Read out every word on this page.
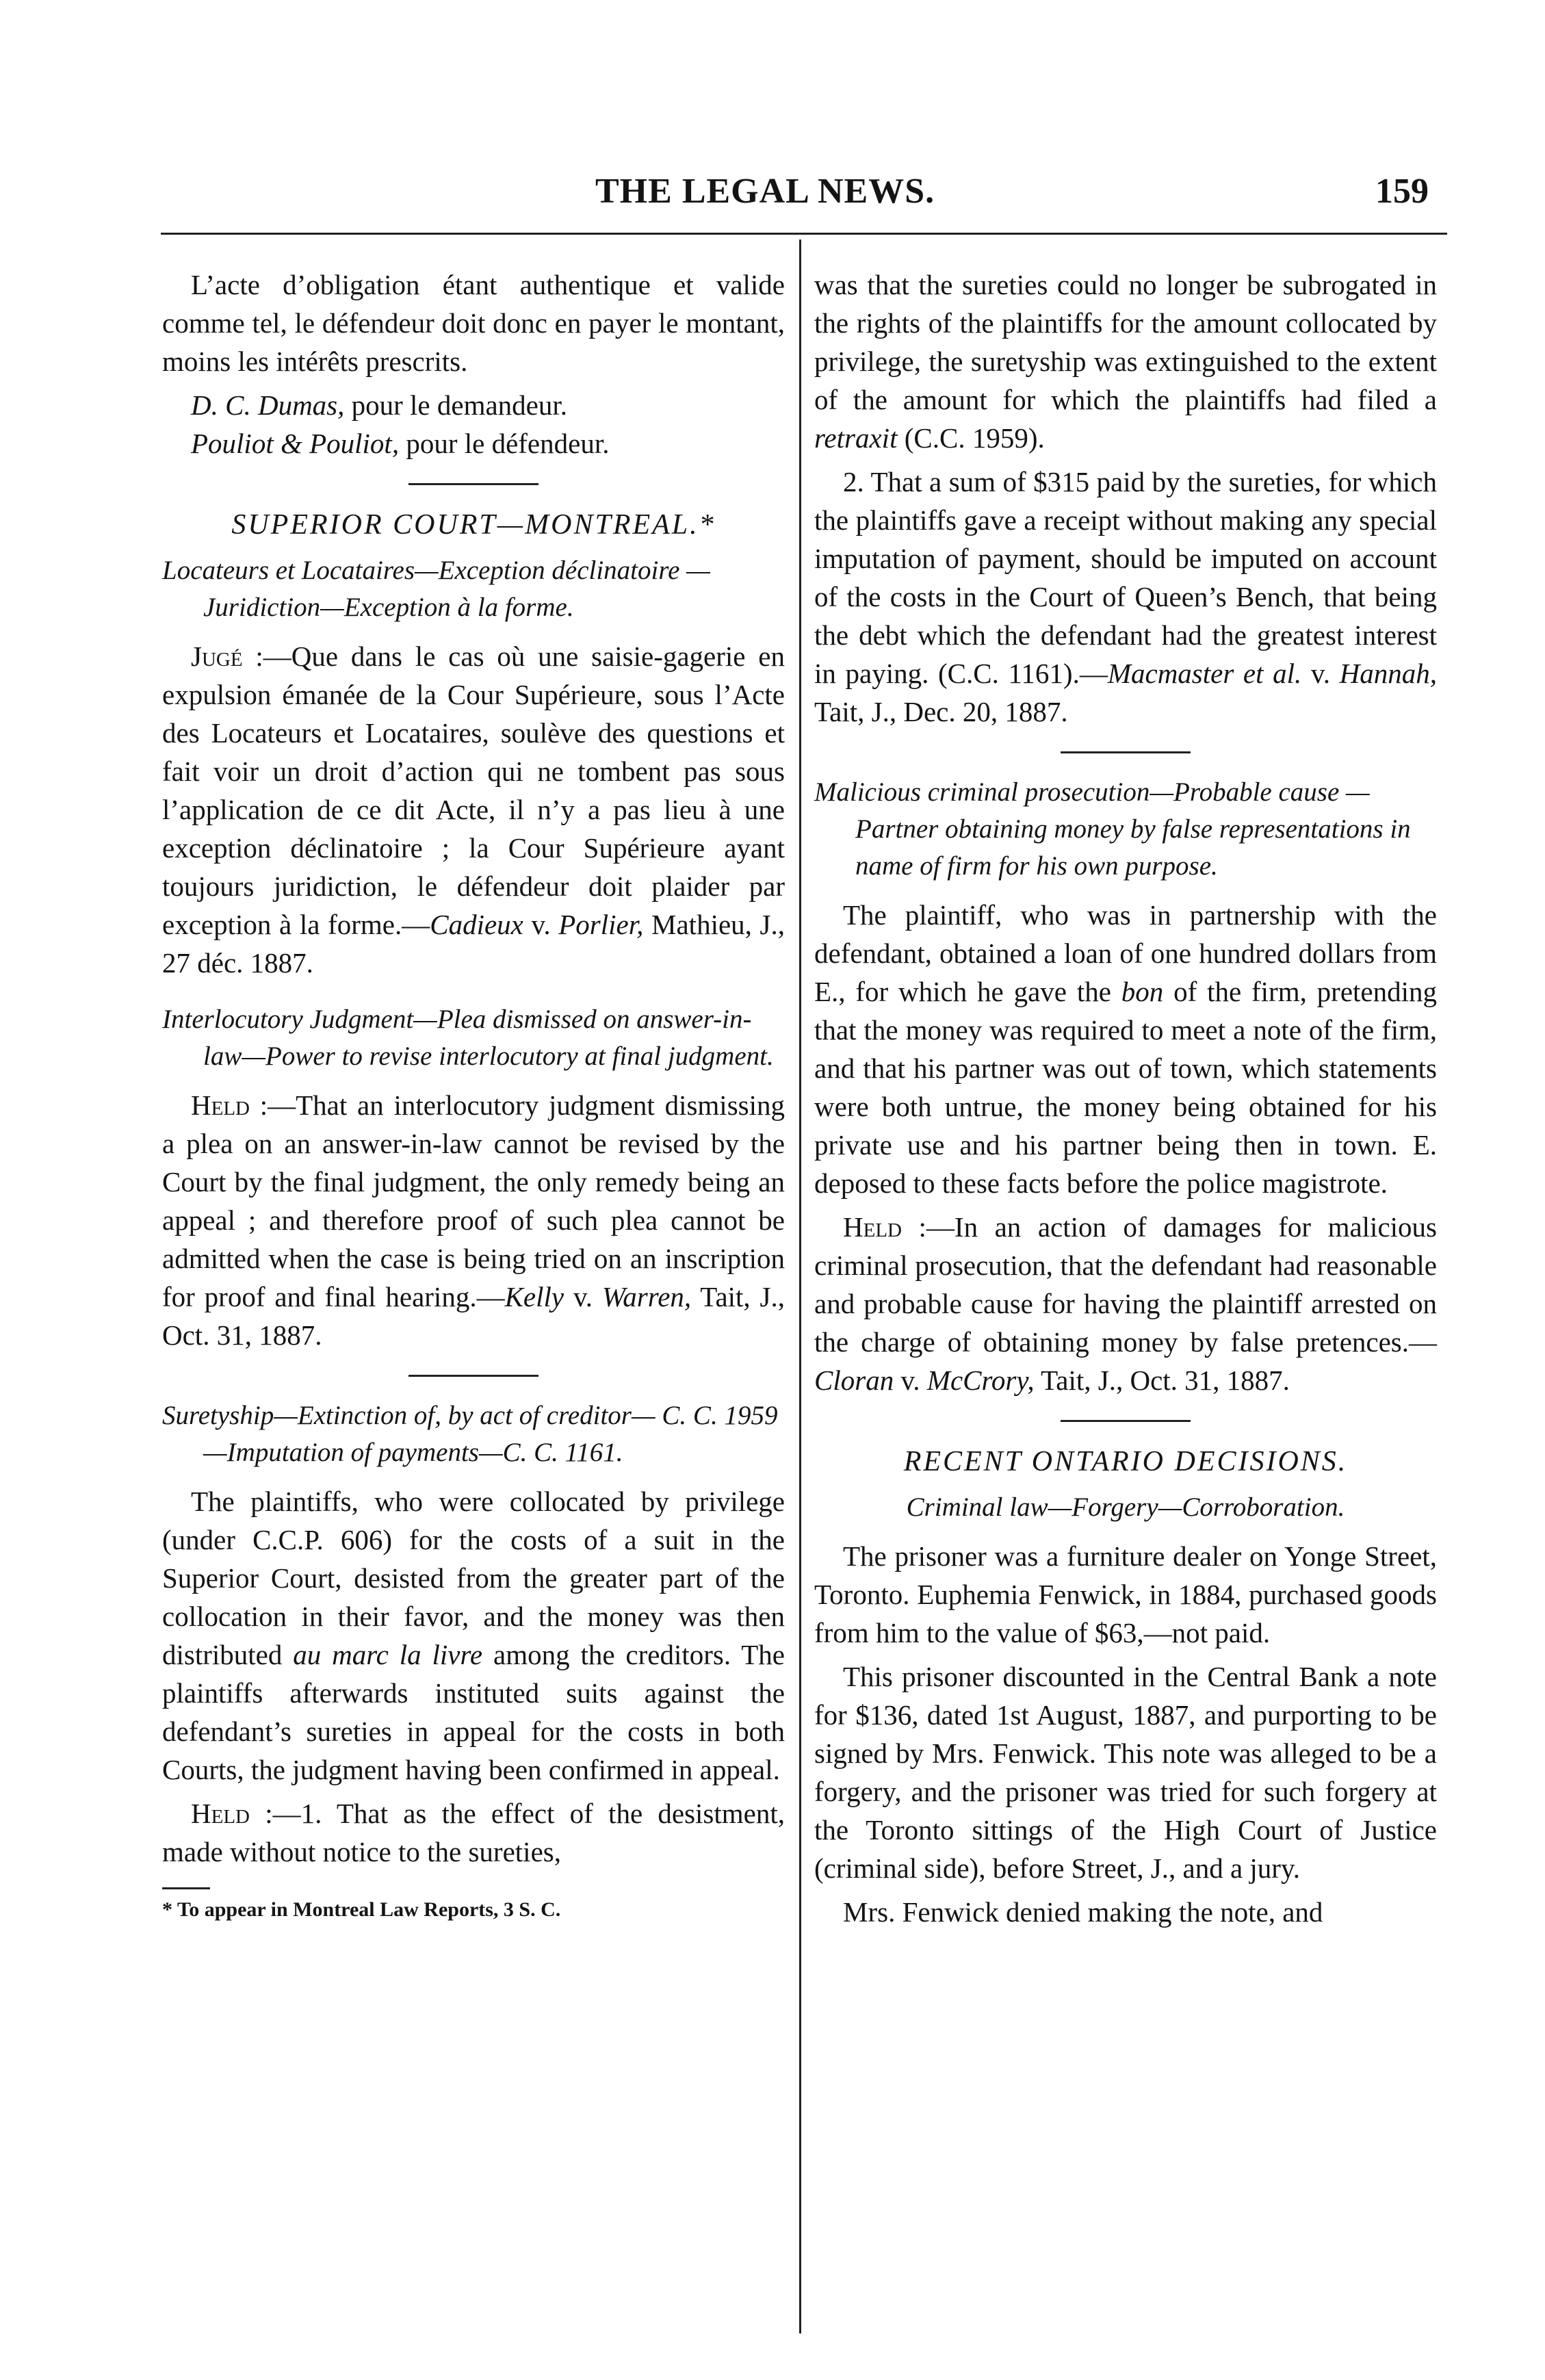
THE LEGAL NEWS.	159

L’acte d’obligation étant authentique et valide comme tel, le défendeur doit donc en payer le montant, moins les intérêts prescrits.

D. C. Dumas, pour le demandeur.
Pouliot & Pouliot, pour le défendeur.
SUPERIOR COURT—MONTREAL.*
Locateurs et Locataires—Exception déclinatoire —Juridiction—Exception à la forme.

Jugé :—Que dans le cas où une saisie-gagerie en expulsion émanée de la Cour Supérieure, sous l’Acte des Locateurs et Locataires, soulève des questions et fait voir un droit d’action qui ne tombent pas sous l’application de ce dit Acte, il n’y a pas lieu à une exception déclinatoire ; la Cour Supérieure ayant toujours juridiction, le défendeur doit plaider par exception à la forme.—Cadieux v. Porlier, Mathieu, J., 27 déc. 1887.

Interlocutory Judgment—Plea dismissed on answer-in-law—Power to revise interlocutory at final judgment.

Held :—That an interlocutory judgment dismissing a plea on an answer-in-law cannot be revised by the Court by the final judgment, the only remedy being an appeal ; and therefore proof of such plea cannot be admitted when the case is being tried on an inscription for proof and final hearing.—Kelly v. Warren, Tait, J., Oct. 31, 1887.

Suretyship—Extinction of, by act of creditor— C. C. 1959—Imputation of payments—C. C. 1161.

The plaintiffs, who were collocated by privilege (under C.C.P. 606) for the costs of a suit in the Superior Court, desisted from the greater part of the collocation in their favor, and the money was then distributed au marc la livre among the creditors. The plaintiffs afterwards instituted suits against the defendant’s sureties in appeal for the costs in both Courts, the judgment having been confirmed in appeal.

Held :—1. That as the effect of the desistment, made without notice to the sureties,

* To appear in Montreal Law Reports, 3 S. C.

was that the sureties could no longer be subrogated in the rights of the plaintiffs for the amount collocated by privilege, the suretyship was extinguished to the extent of the amount for which the plaintiffs had filed a retraxit (C.C. 1959).

2. That a sum of $315 paid by the sureties, for which the plaintiffs gave a receipt without making any special imputation of payment, should be imputed on account of the costs in the Court of Queen’s Bench, that being the debt which the defendant had the greatest interest in paying. (C.C. 1161).—Macmaster et al. v. Hannah, Tait, J., Dec. 20, 1887.

Malicious criminal prosecution—Probable cause —Partner obtaining money by false representations in name of firm for his own purpose.

The plaintiff, who was in partnership with the defendant, obtained a loan of one hundred dollars from E., for which he gave the bon of the firm, pretending that the money was required to meet a note of the firm, and that his partner was out of town, which statements were both untrue, the money being obtained for his private use and his partner being then in town. E. deposed to these facts before the police magistrote.

Held :—In an action of damages for malicious criminal prosecution, that the defendant had reasonable and probable cause for having the plaintiff arrested on the charge of obtaining money by false pretences.—Cloran v. McCrory, Tait, J., Oct. 31, 1887.

RECENT ONTARIO DECISIONS.
Criminal law—Forgery—Corroboration.

The prisoner was a furniture dealer on Yonge Street, Toronto. Euphemia Fenwick, in 1884, purchased goods from him to the value of $63,—not paid.

This prisoner discounted in the Central Bank a note for $136, dated 1st August, 1887, and purporting to be signed by Mrs. Fenwick. This note was alleged to be a forgery, and the prisoner was tried for such forgery at the Toronto sittings of the High Court of Justice (criminal side), before Street, J., and a jury.

Mrs. Fenwick denied making the note, and
